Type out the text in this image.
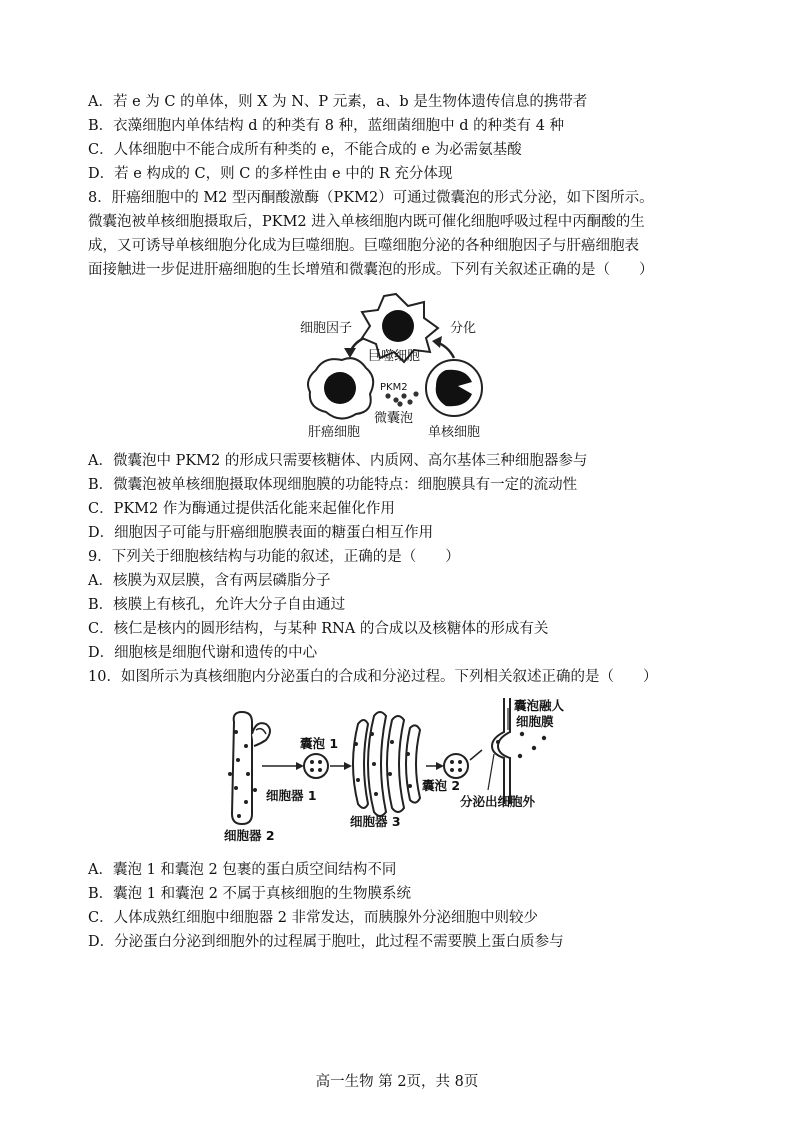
A．若 e 为 C 的单体，则 X 为 N、P 元素，a、b 是生物体遗传信息的携带者
B．衣藻细胞内单体结构 d 的种类有 8 种，蓝细菌细胞中 d 的种类有 4 种
C．人体细胞中不能合成所有种类的 e，不能合成的 e 为必需氨基酸
D．若 e 构成的 C，则 C 的多样性由 e 中的 R 充分体现
8．肝癌细胞中的 M2 型丙酮酸激酶（PKM2）可通过微囊泡的形式分泌，如下图所示。
微囊泡被单核细胞摄取后，PKM2 进入单核细胞内既可催化细胞呼吸过程中丙酮酸的生
成，又可诱导单核细胞分化成为巨噬细胞。巨噬细胞分泌的各种细胞因子与肝癌细胞表
面接触进一步促进肝癌细胞的生长增殖和微囊泡的形成。下列有关叙述正确的是（　　）
细胞因子	分化
巨噬细胞
PKM2
微囊泡
肝癌细胞	单核细胞
A．微囊泡中 PKM2 的形成只需要核糖体、内质网、高尔基体三种细胞器参与
B．微囊泡被单核细胞摄取体现细胞膜的功能特点：细胞膜具有一定的流动性
C．PKM2 作为酶通过提供活化能来起催化作用
D．细胞因子可能与肝癌细胞膜表面的糖蛋白相互作用
9．下列关于细胞核结构与功能的叙述，正确的是（　　）
A．核膜为双层膜，含有两层磷脂分子
B．核膜上有核孔，允许大分子自由通过
C．核仁是核内的圆形结构，与某种 RNA 的合成以及核糖体的形成有关
D．细胞核是细胞代谢和遗传的中心
10．如图所示为真核细胞内分泌蛋白的合成和分泌过程。下列相关叙述正确的是（　　）
囊泡 1
细胞器 1
细胞器 2
细胞器 3
囊泡 2
囊泡融人
细胞膜
分泌出细胞外
A．囊泡 1 和囊泡 2 包裹的蛋白质空间结构不同
B．囊泡 1 和囊泡 2 不属于真核细胞的生物膜系统
C．人体成熟红细胞中细胞器 2 非常发达，而胰腺外分泌细胞中则较少
D．分泌蛋白分泌到细胞外的过程属于胞吐，此过程不需要膜上蛋白质参与
高一生物 第 2页，共 8页
